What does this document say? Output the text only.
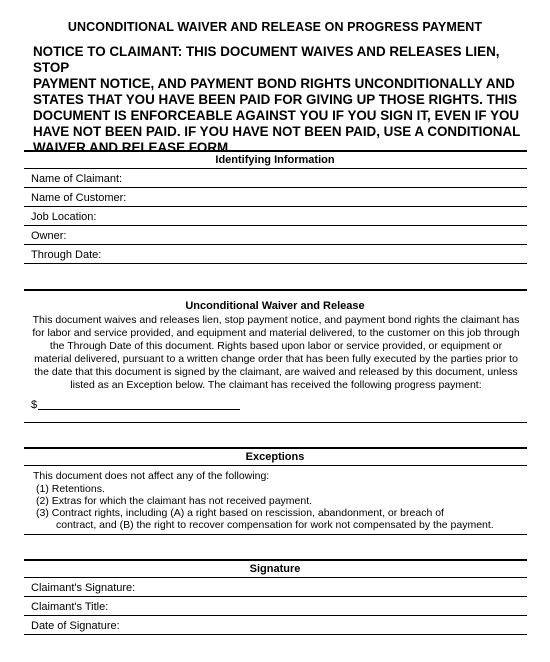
UNCONDITIONAL WAIVER AND RELEASE ON PROGRESS PAYMENT
NOTICE TO CLAIMANT: THIS DOCUMENT WAIVES AND RELEASES LIEN, STOP
PAYMENT NOTICE, AND PAYMENT BOND RIGHTS UNCONDITIONALLY AND
STATES THAT YOU HAVE BEEN PAID FOR GIVING UP THOSE RIGHTS. THIS
DOCUMENT IS ENFORCEABLE AGAINST YOU IF YOU SIGN IT, EVEN IF YOU
HAVE NOT BEEN PAID. IF YOU HAVE NOT BEEN PAID, USE A CONDITIONAL
WAIVER AND RELEASE FORM.
Identifying Information
Name of Claimant:
Name of Customer:
Job Location:
Owner:
Through Date:
Unconditional Waiver and Release
This document waives and releases lien, stop payment notice, and payment bond rights the claimant has
for labor and service provided, and equipment and material delivered, to the customer on this job through
the Through Date of this document. Rights based upon labor or service provided, or equipment or
material delivered, pursuant to a written change order that has been fully executed by the parties prior to
the date that this document is signed by the claimant, are waived and released by this document, unless
listed as an Exception below. The claimant has received the following progress payment:
$
Exceptions
This document does not affect any of the following:
(1) Retentions.
(2) Extras for which the claimant has not received payment.
(3) Contract rights, including (A) a right based on rescission, abandonment, or breach of
contract, and (B) the right to recover compensation for work not compensated by the payment.
Signature
Claimant's Signature:
Claimant's Title:
Date of Signature:
